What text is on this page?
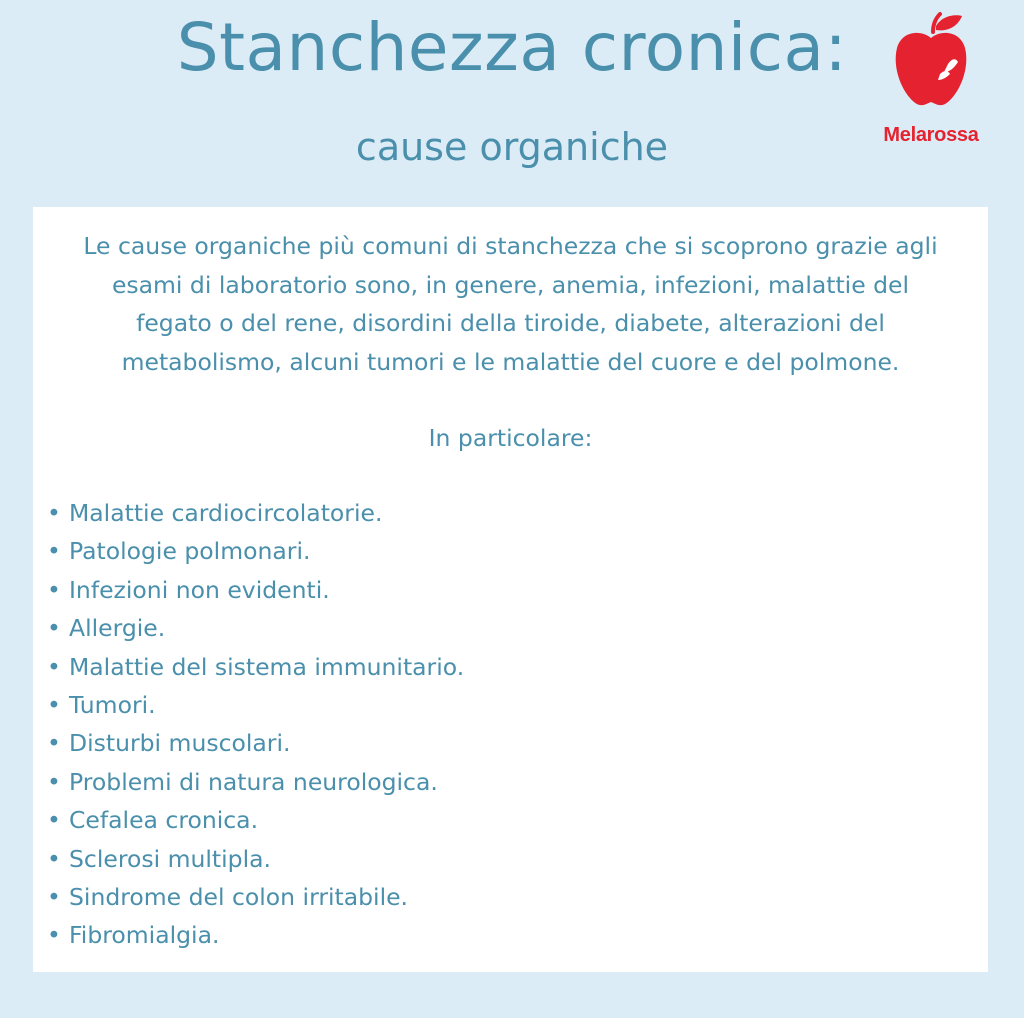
Stanchezza cronica:
cause organiche	Melarossa

Le cause organiche più comuni di stanchezza che si scoprono grazie agli esami di laboratorio sono, in genere, anemia, infezioni, malattie del fegato o del rene, disordini della tiroide, diabete, alterazioni del metabolismo, alcuni tumori e le malattie del cuore e del polmone.

In particolare:

• Malattie cardiocircolatorie.
• Patologie polmonari.
• Infezioni non evidenti.
• Allergie.
• Malattie del sistema immunitario.
• Tumori.
• Disturbi muscolari.
• Problemi di natura neurologica.
• Cefalea cronica.
• Sclerosi multipla.
• Sindrome del colon irritabile.
• Fibromialgia.
